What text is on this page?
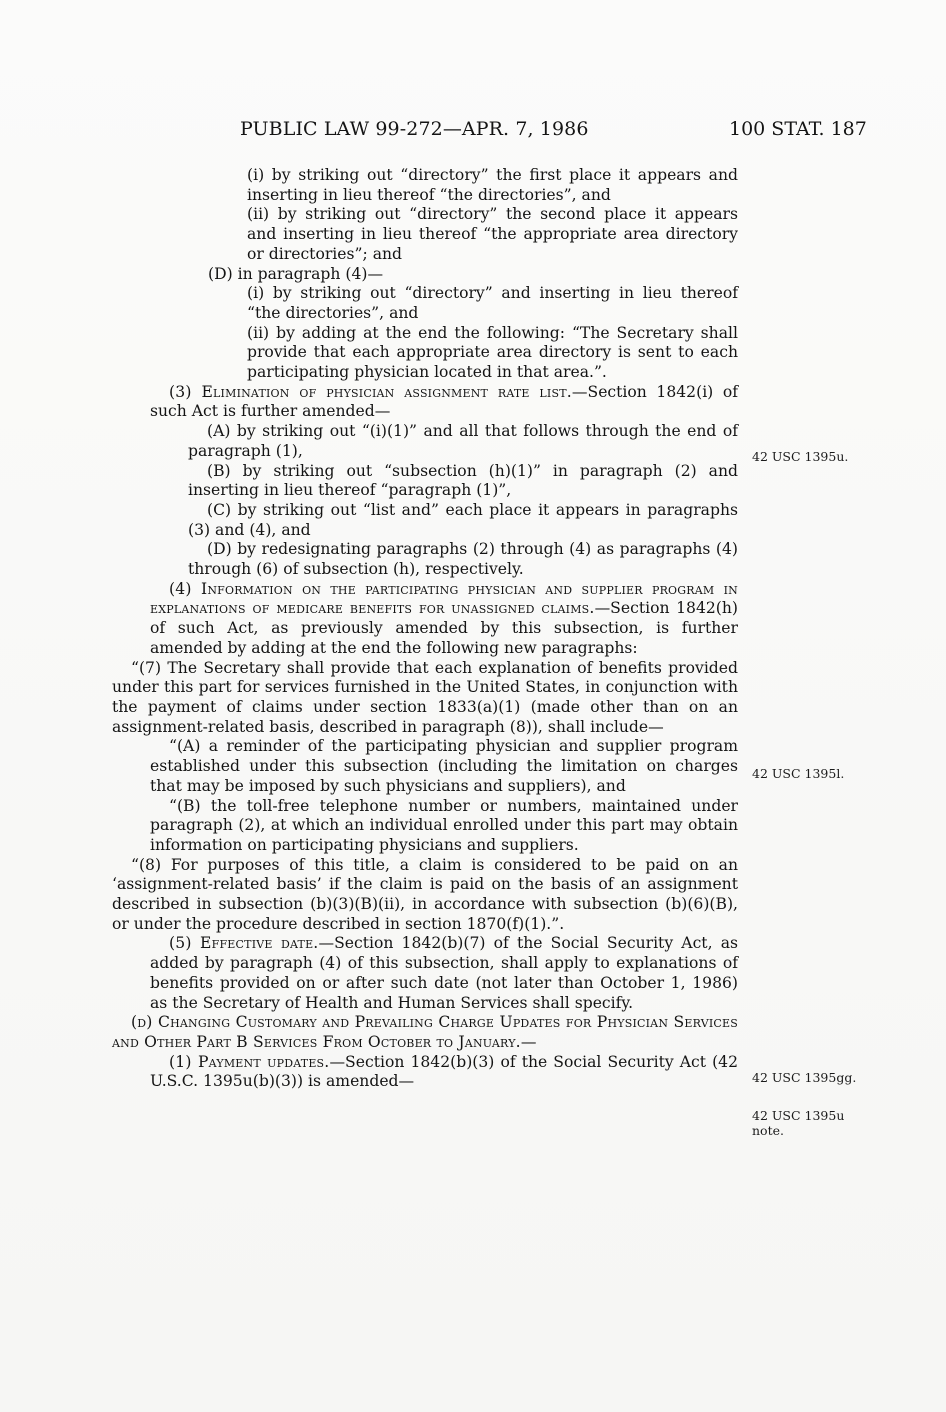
PUBLIC LAW 99-272—APR. 7, 1986	100 STAT. 187

(i) by striking out “directory” the first place it appears and inserting in lieu thereof “the directories”, and

(ii) by striking out “directory” the second place it appears and inserting in lieu thereof “the appropriate area directory or directories”; and

(D) in paragraph (4)—

(i) by striking out “directory” and inserting in lieu thereof “the directories”, and

(ii) by adding at the end the following: “The Secretary shall provide that each appropriate area directory is sent to each participating physician located in that area.”.

(3) Elimination of physician assignment rate list.—Section 1842(i) of such Act is further amended—

(A) by striking out “(i)(1)” and all that follows through the end of paragraph (1),

(B) by striking out “subsection (h)(1)” in paragraph (2) and inserting in lieu thereof “paragraph (1)”,

(C) by striking out “list and” each place it appears in paragraphs (3) and (4), and

(D) by redesignating paragraphs (2) through (4) as paragraphs (4) through (6) of subsection (h), respectively.

(4) Information on the participating physician and supplier program in explanations of medicare benefits for unassigned claims.—Section 1842(h) of such Act, as previously amended by this subsection, is further amended by adding at the end the following new paragraphs:

“(7) The Secretary shall provide that each explanation of benefits provided under this part for services furnished in the United States, in conjunction with the payment of claims under section 1833(a)(1) (made other than on an assignment-related basis, described in paragraph (8)), shall include—

“(A) a reminder of the participating physician and supplier program established under this subsection (including the limitation on charges that may be imposed by such physicians and suppliers), and

“(B) the toll-free telephone number or numbers, maintained under paragraph (2), at which an individual enrolled under this part may obtain information on participating physicians and suppliers.

“(8) For purposes of this title, a claim is considered to be paid on an ‘assignment-related basis’ if the claim is paid on the basis of an assignment described in subsection (b)(3)(B)(ii), in accordance with subsection (b)(6)(B), or under the procedure described in section 1870(f)(1).”.

(5) Effective date.—Section 1842(b)(7) of the Social Security Act, as added by paragraph (4) of this subsection, shall apply to explanations of benefits provided on or after such date (not later than October 1, 1986) as the Secretary of Health and Human Services shall specify.

(d) Changing Customary and Prevailing Charge Updates for Physician Services and Other Part B Services From October to January.—

(1) Payment updates.—Section 1842(b)(3) of the Social Security Act (42 U.S.C. 1395u(b)(3)) is amended—

42 USC 1395u.
42 USC 1395l.
42 USC 1395gg.
42 USC 1395u note.
